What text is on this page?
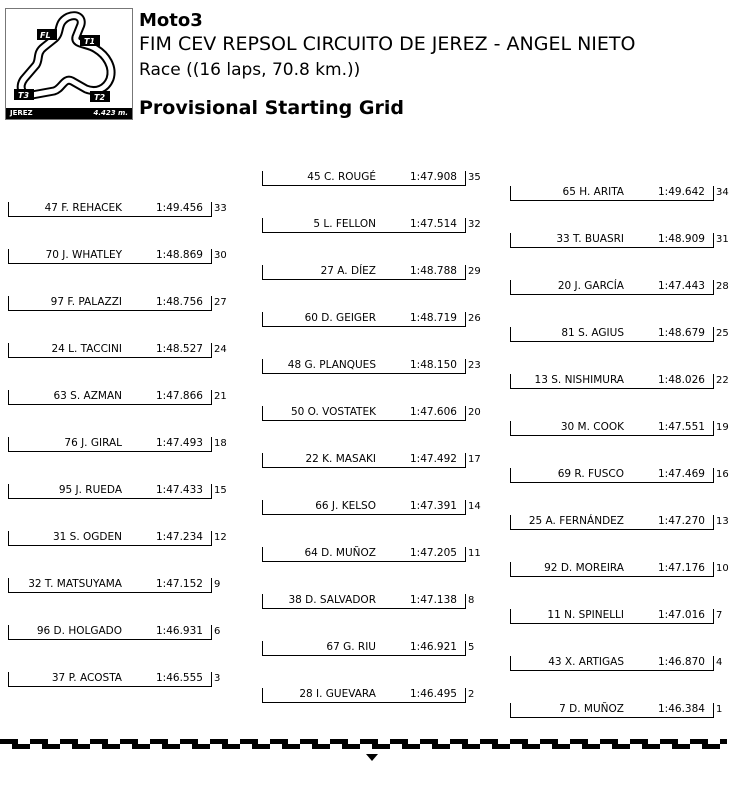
FL
T1
T3	T2
JEREZ	4.423 m.
Moto3
FIM CEV REPSOL CIRCUITO DE JEREZ - ANGEL NIETO
Race ((16 laps, 70.8 km.))
Provisional Starting Grid
7 D. MUÑOZ	1:46.384	1
28 I. GUEVARA	1:46.495	2
37 P. ACOSTA	1:46.555	3
43 X. ARTIGAS	1:46.870	4
67 G. RIU	1:46.921	5
96 D. HOLGADO	1:46.931	6
11 N. SPINELLI	1:47.016	7
38 D. SALVADOR	1:47.138	8
32 T. MATSUYAMA	1:47.152	9
92 D. MOREIRA	1:47.176	10
64 D. MUÑOZ	1:47.205	11
31 S. OGDEN	1:47.234	12
25 A. FERNÁNDEZ	1:47.270	13
66 J. KELSO	1:47.391	14
95 J. RUEDA	1:47.433	15
69 R. FUSCO	1:47.469	16
22 K. MASAKI	1:47.492	17
76 J. GIRAL	1:47.493	18
30 M. COOK	1:47.551	19
50 O. VOSTATEK	1:47.606	20
63 S. AZMAN	1:47.866	21
13 S. NISHIMURA	1:48.026	22
48 G. PLANQUES	1:48.150	23
24 L. TACCINI	1:48.527	24
81 S. AGIUS	1:48.679	25
60 D. GEIGER	1:48.719	26
97 F. PALAZZI	1:48.756	27
20 J. GARCÍA	1:47.443	28
27 A. DÍEZ	1:48.788	29
70 J. WHATLEY	1:48.869	30
33 T. BUASRI	1:48.909	31
5 L. FELLON	1:47.514	32
47 F. REHACEK	1:49.456	33
65 H. ARITA	1:49.642	34
45 C. ROUGÉ	1:47.908	35
